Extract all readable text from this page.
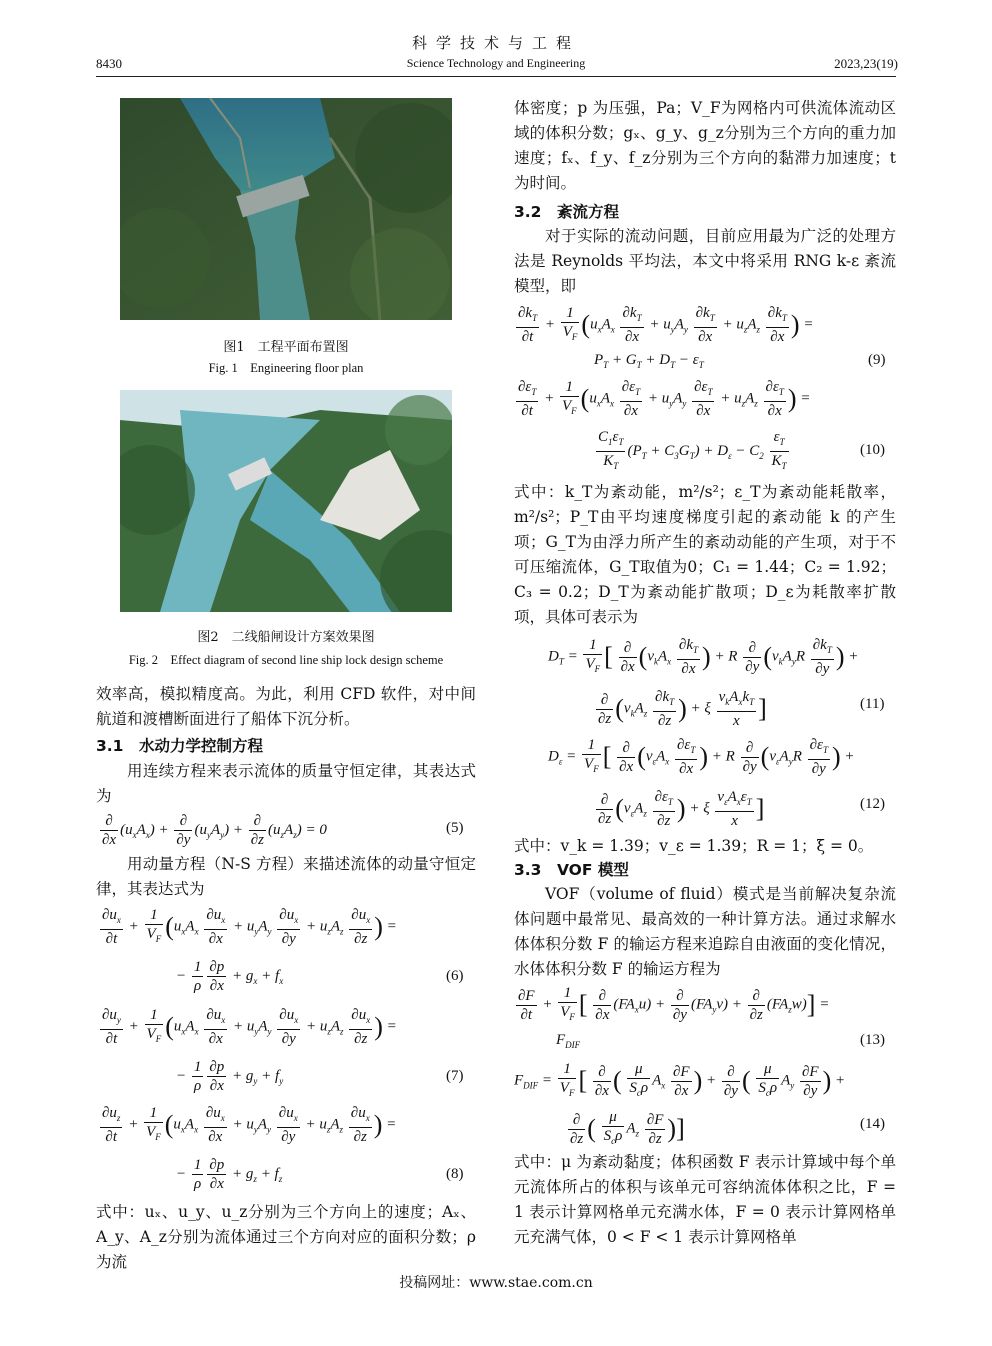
科学技术与工程
8430	Science Technology and Engineering	2023,23(19)
图1　工程平面布置图
Fig. 1　Engineering floor plan
图2　二线船闸设计方案效果图
Fig. 2　Effect diagram of second line ship lock design scheme
效率高，模拟精度高。为此，利用 CFD 软件，对中间航道和渡槽断面进行了船体下沉分析。
3.1　水动力学控制方程
用连续方程来表示流体的质量守恒定律，其表达式为
$\frac{\partial}{\partial x} (u_xA_x) + \frac{\partial}{\partial y} (u_yA_y) + \frac{\partial}{\partial z} (u_zA_z) = 0$	(5)
用动量方程（N-S 方程）来描述流体的动量守恒定律，其表达式为
$\frac{\partial u_x}{\partial t} + \frac{1}{V_F} (u_xA_x \frac{\partial u_x}{\partial x} + u_yA_y \frac{\partial u_x}{\partial y} + u_zA_z \frac{\partial u_x}{\partial z}$ ) =
− $\frac{1}{\rho} \frac{\partial p}{\partial x} + g_x + f_x$	(6)
$\frac{\partial u_y}{\partial t} + \frac{1}{V_F} (u_xA_x \frac{\partial u_x}{\partial x} + u_yA_y \frac{\partial u_x}{\partial y} + u_zA_z \frac{\partial u_x}{\partial z}$ ) =
− $\frac{1}{\rho} \frac{\partial p}{\partial x} + g_y + f_y$	(7)
$\frac{\partial u_z}{\partial t} + \frac{1}{V_F} (u_xA_x \frac{\partial u_x}{\partial x} + u_yA_y \frac{\partial u_x}{\partial y} + u_zA_z \frac{\partial u_x}{\partial z}$ ) =
− $\frac{1}{\rho} \frac{\partial p}{\partial x} + g_z + f_z$	(8)
式中：uₓ、u_y、u_z分别为三个方向上的速度；Aₓ、A_y、A_z分别为流体通过三个方向对应的面积分数；ρ 为流
体密度；p 为压强，Pa；V_F为网格内可供流体流动区域的体积分数；gₓ、g_y、g_z分别为三个方向的重力加速度；fₓ、f_y、f_z分别为三个方向的黏滞力加速度；t 为时间。
3.2　紊流方程
对于实际的流动问题，目前应用最为广泛的处理方法是 Reynolds 平均法，本文中将采用 RNG k-ε 紊流模型，即
$\frac{\partial k_T}{\partial t} + \frac{1}{V_F} (u_xA_x \frac{\partial k_T}{\partial x} + u_yA_y \frac{\partial k_T}{\partial x} + u_zA_z \frac{\partial k_T}{\partial x}$ ) =
$P_T + G_T + D_T - \varepsilon_T$	(9)
$\frac{\partial\varepsilon_T}{\partial t} + \frac{1}{V_F} (u_xA_x \frac{\partial\varepsilon_T}{\partial x} + u_yA_y \frac{\partial\varepsilon_T}{\partial x} + u_zA_z \frac{\partial\varepsilon_T}{\partial x}$ ) =
$\frac{C_1\varepsilon_T}{K_T} (P_T + C_3G_T) + D_\varepsilon - C_2 \frac{\varepsilon_T}{K_T}$	(10)
式中：k_T为紊动能，m²/s²；ε_T为紊动能耗散率，m²/s²；P_T由平均速度梯度引起的紊动能 k 的产生项；G_T为由浮力所产生的紊动动能的产生项，对于不可压缩流体，G_T取值为0；C₁ = 1.44；C₂ = 1.92；C₃ = 0.2；D_T为紊动能扩散项；D_ε为耗散率扩散项，具体可表示为
$D_T = \frac{1}{V_F}$ [ $\frac{\partial}{\partial x} (v_kA_x \frac{\partial k_T}{\partial x}$ ) + R $\frac{\partial}{\partial y} (v_kA_yR \frac{\partial k_T}{\partial y}$ ) +
$\frac{\partial}{\partial z} (v_kA_z \frac{\partial k_T}{\partial z}$ ) + ξ $\frac{v_kA_xk_T}{x}$ ]	(11)
$D_\varepsilon = \frac{1}{V_F}$ [ $\frac{\partial}{\partial x} (v_\varepsilon A_x \frac{\partial\varepsilon_T}{\partial x}$ ) + R $\frac{\partial}{\partial y} (v_\varepsilon A_yR \frac{\partial\varepsilon_T}{\partial y}$ ) +
$\frac{\partial}{\partial z} (v_\varepsilon A_z \frac{\partial\varepsilon_T}{\partial z}$ ) + ξ $\frac{v_\varepsilon A_x\varepsilon_T}{x}$ ]	(12)
式中：v_k = 1.39；v_ε = 1.39；R = 1；ξ = 0。
3.3　VOF 模型
VOF（volume of fluid）模式是当前解决复杂流体问题中最常见、最高效的一种计算方法。通过求解水体体积分数 F 的输运方程来追踪自由液面的变化情况，水体体积分数 F 的输运方程为
$\frac{\partial F}{\partial t} + \frac{1}{V_F}$ [ $\frac{\partial}{\partial x} (FA_xu) + \frac{\partial}{\partial y} (FA_yv) + \frac{\partial}{\partial z} (FA_zw)$] =
$F_{DIF}$	(13)
$F_{DIF} = \frac{1}{V_F}$ [ $\frac{\partial}{\partial x}$ ( $\frac{\mu}{S_c\rho} A_x \frac{\partial F}{\partial x}$ ) + $\frac{\partial}{\partial y}$ ( $\frac{\mu}{S_c\rho} A_y \frac{\partial F}{\partial y}$ ) +
$\frac{\partial}{\partial z}$ ( $\frac{\mu}{S_c\rho} A_z \frac{\partial F}{\partial z}$ )]	(14)
式中：μ 为紊动黏度；体积函数 F 表示计算域中每个单元流体所占的体积与该单元可容纳流体体积之比，F = 1 表示计算网格单元充满水体，F = 0 表示计算网格单元充满气体，0 < F < 1 表示计算网格单
投稿网址：www.stae.com.cn
